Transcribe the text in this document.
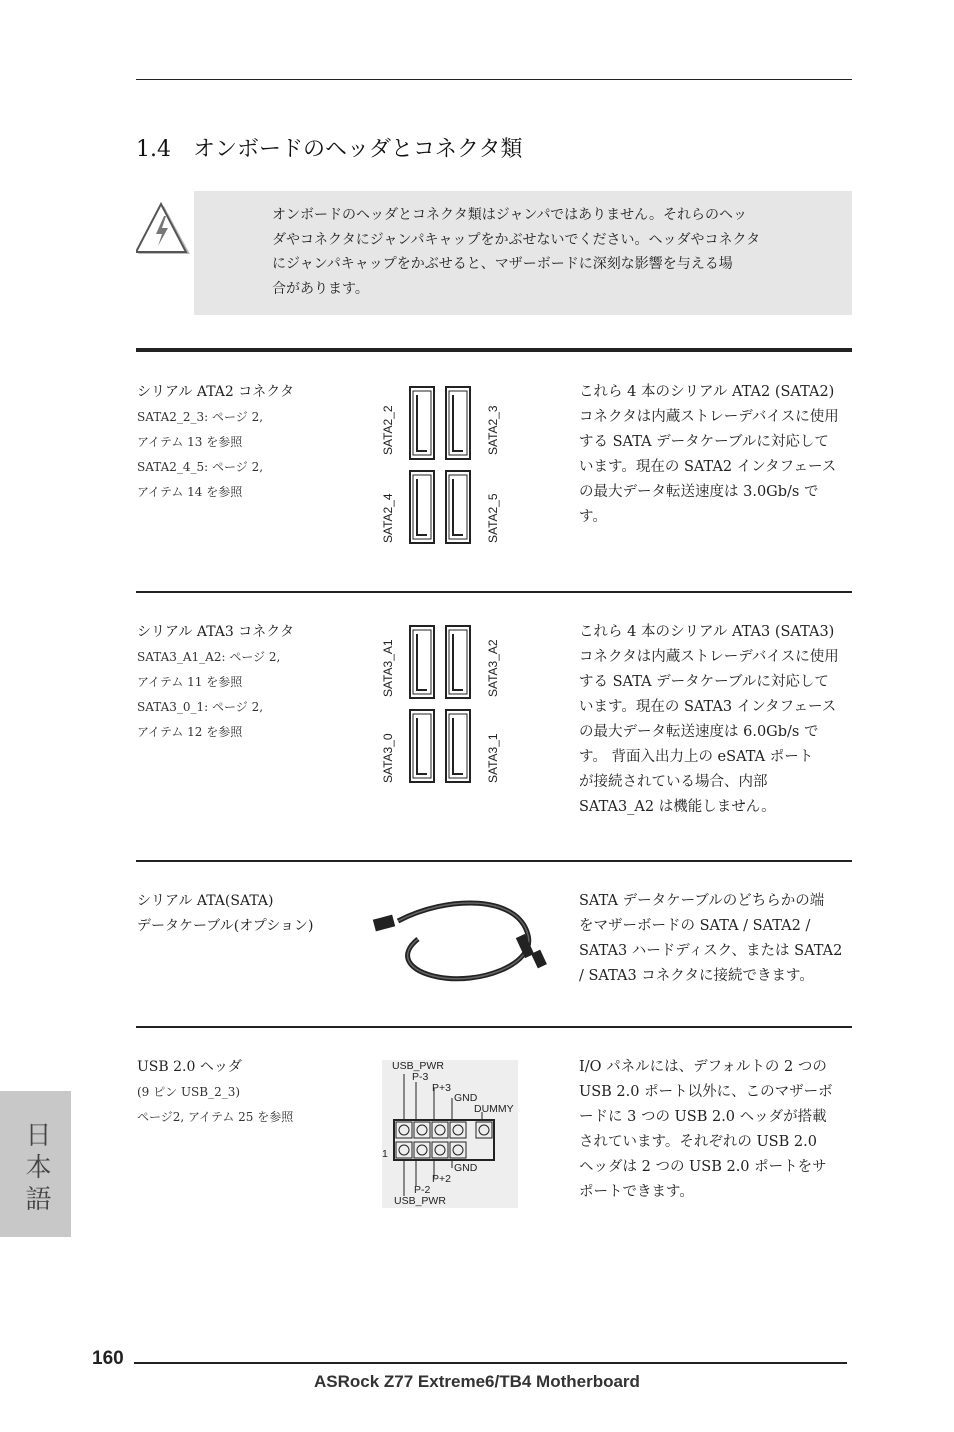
1.4 オンボードのヘッダとコネクタ類
オンボードのヘッダとコネクタ類はジャンパではありません。それらのヘッ
ダやコネクタにジャンパキャップをかぶせないでください。ヘッダやコネクタ
にジャンパキャップをかぶせると、マザーボードに深刻な影響を与える場
合があります。
シリアル ATA2 コネクタ
SATA2_2_3: ページ 2,
アイテム 13 を参照
SATA2_4_5: ページ 2,
アイテム 14 を参照
SATA2_2	SATA2_3
SATA2_4	SATA2_5
これら 4 本のシリアル ATA2 (SATA2)
コネクタは内蔵ストレーデバイスに使用
する SATA データケーブルに対応して
います。現在の SATA2 インタフェース
の最大データ転送速度は 3.0Gb/s で
す。
シリアル ATA3 コネクタ
SATA3_A1_A2: ページ 2,
アイテム 11 を参照
SATA3_0_1: ページ 2,
アイテム 12 を参照
SATA3_A1	SATA3_A2
SATA3_0	SATA3_1
これら 4 本のシリアル ATA3 (SATA3)
コネクタは内蔵ストレーデバイスに使用
する SATA データケーブルに対応して
います。現在の SATA3 インタフェース
の最大データ転送速度は 6.0Gb/s で
す。 背面入出力上の eSATA ポート
が接続されている場合、内部
SATA3_A2 は機能しません。
シリアル ATA(SATA)
データケーブル(オプション)
SATA データケーブルのどちらかの端
をマザーボードの SATA / SATA2 /
SATA3 ハードディスク、または SATA2
/ SATA3 コネクタに接続できます。
USB 2.0 ヘッダ
(9 ピン USB_2_3)
ページ2, アイテム 25 を参照
USB_PWR
P-3
P+3
GND
DUMMY
1
GND
P+2
P-2
USB_PWR
I/O パネルには、デフォルトの 2 つの
USB 2.0 ポート以外に、このマザーボ
ードに 3 つの USB 2.0 ヘッダが搭載
されています。それぞれの USB 2.0
ヘッダは 2 つの USB 2.0 ポートをサ
ポートできます。
日本語
160
ASRock Z77 Extreme6/TB4 Motherboard
